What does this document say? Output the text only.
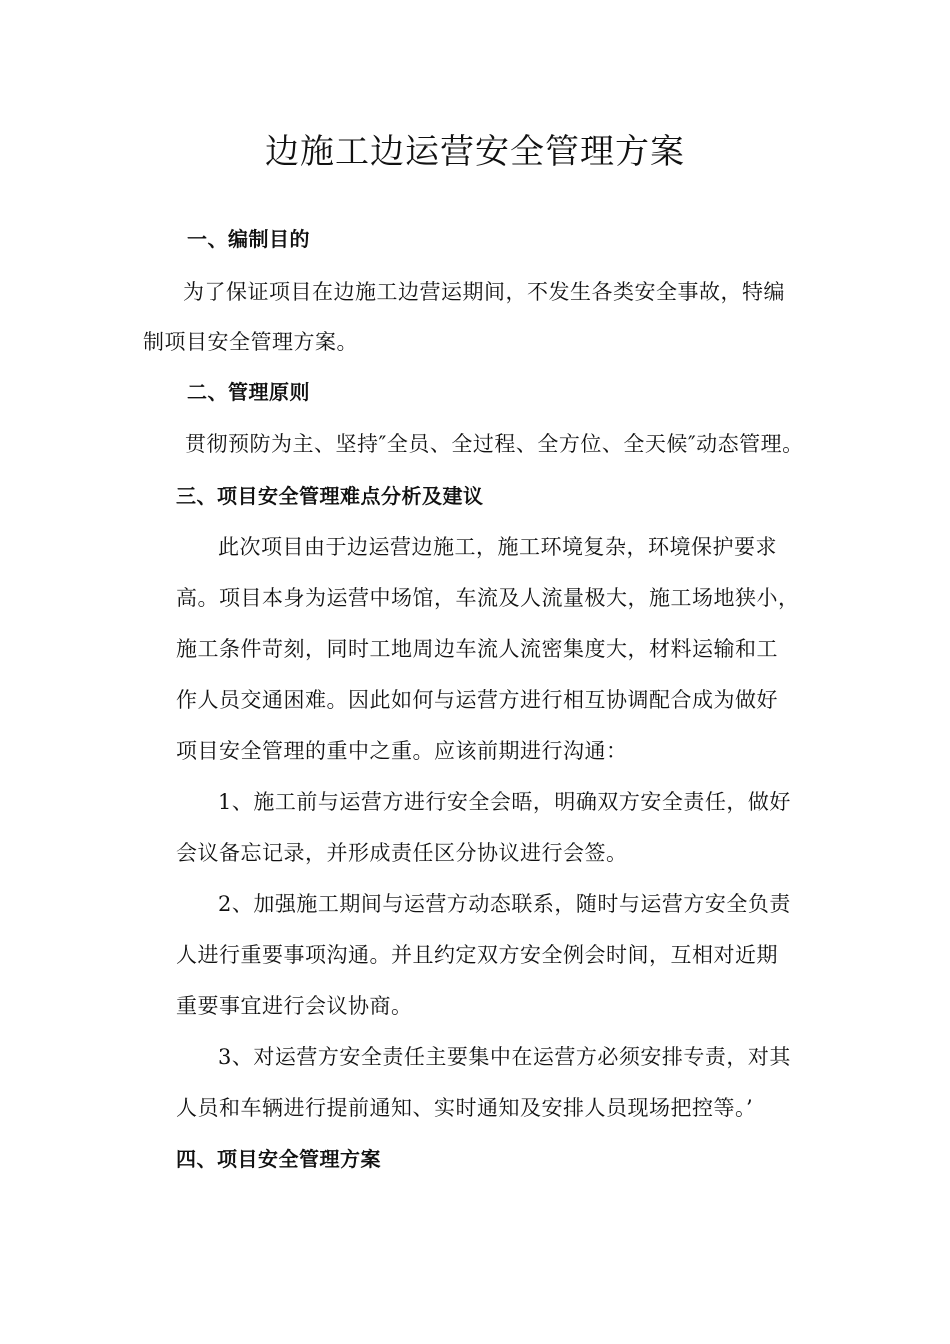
边施工边运营安全管理方案
一、编制目的
为了保证项目在边施工边营运期间，不发生各类安全事故，特编
制项目安全管理方案。
二、管理原则
贯彻预防为主、坚持″全员、全过程、全方位、全天候″动态管理。
三、项目安全管理难点分析及建议
此次项目由于边运营边施工，施工环境复杂，环境保护要求
高。项目本身为运营中场馆，车流及人流量极大，施工场地狭小，
施工条件苛刻，同时工地周边车流人流密集度大，材料运输和工
作人员交通困难。因此如何与运营方进行相互协调配合成为做好
项目安全管理的重中之重。应该前期进行沟通：
1、施工前与运营方进行安全会晤，明确双方安全责任，做好
会议备忘记录，并形成责任区分协议进行会签。
2、加强施工期间与运营方动态联系，随时与运营方安全负责
人进行重要事项沟通。并且约定双方安全例会时间，互相对近期
重要事宜进行会议协商。
3、对运营方安全责任主要集中在运营方必须安排专责，对其
人员和车辆进行提前通知、实时通知及安排人员现场把控等。’
四、项目安全管理方案
